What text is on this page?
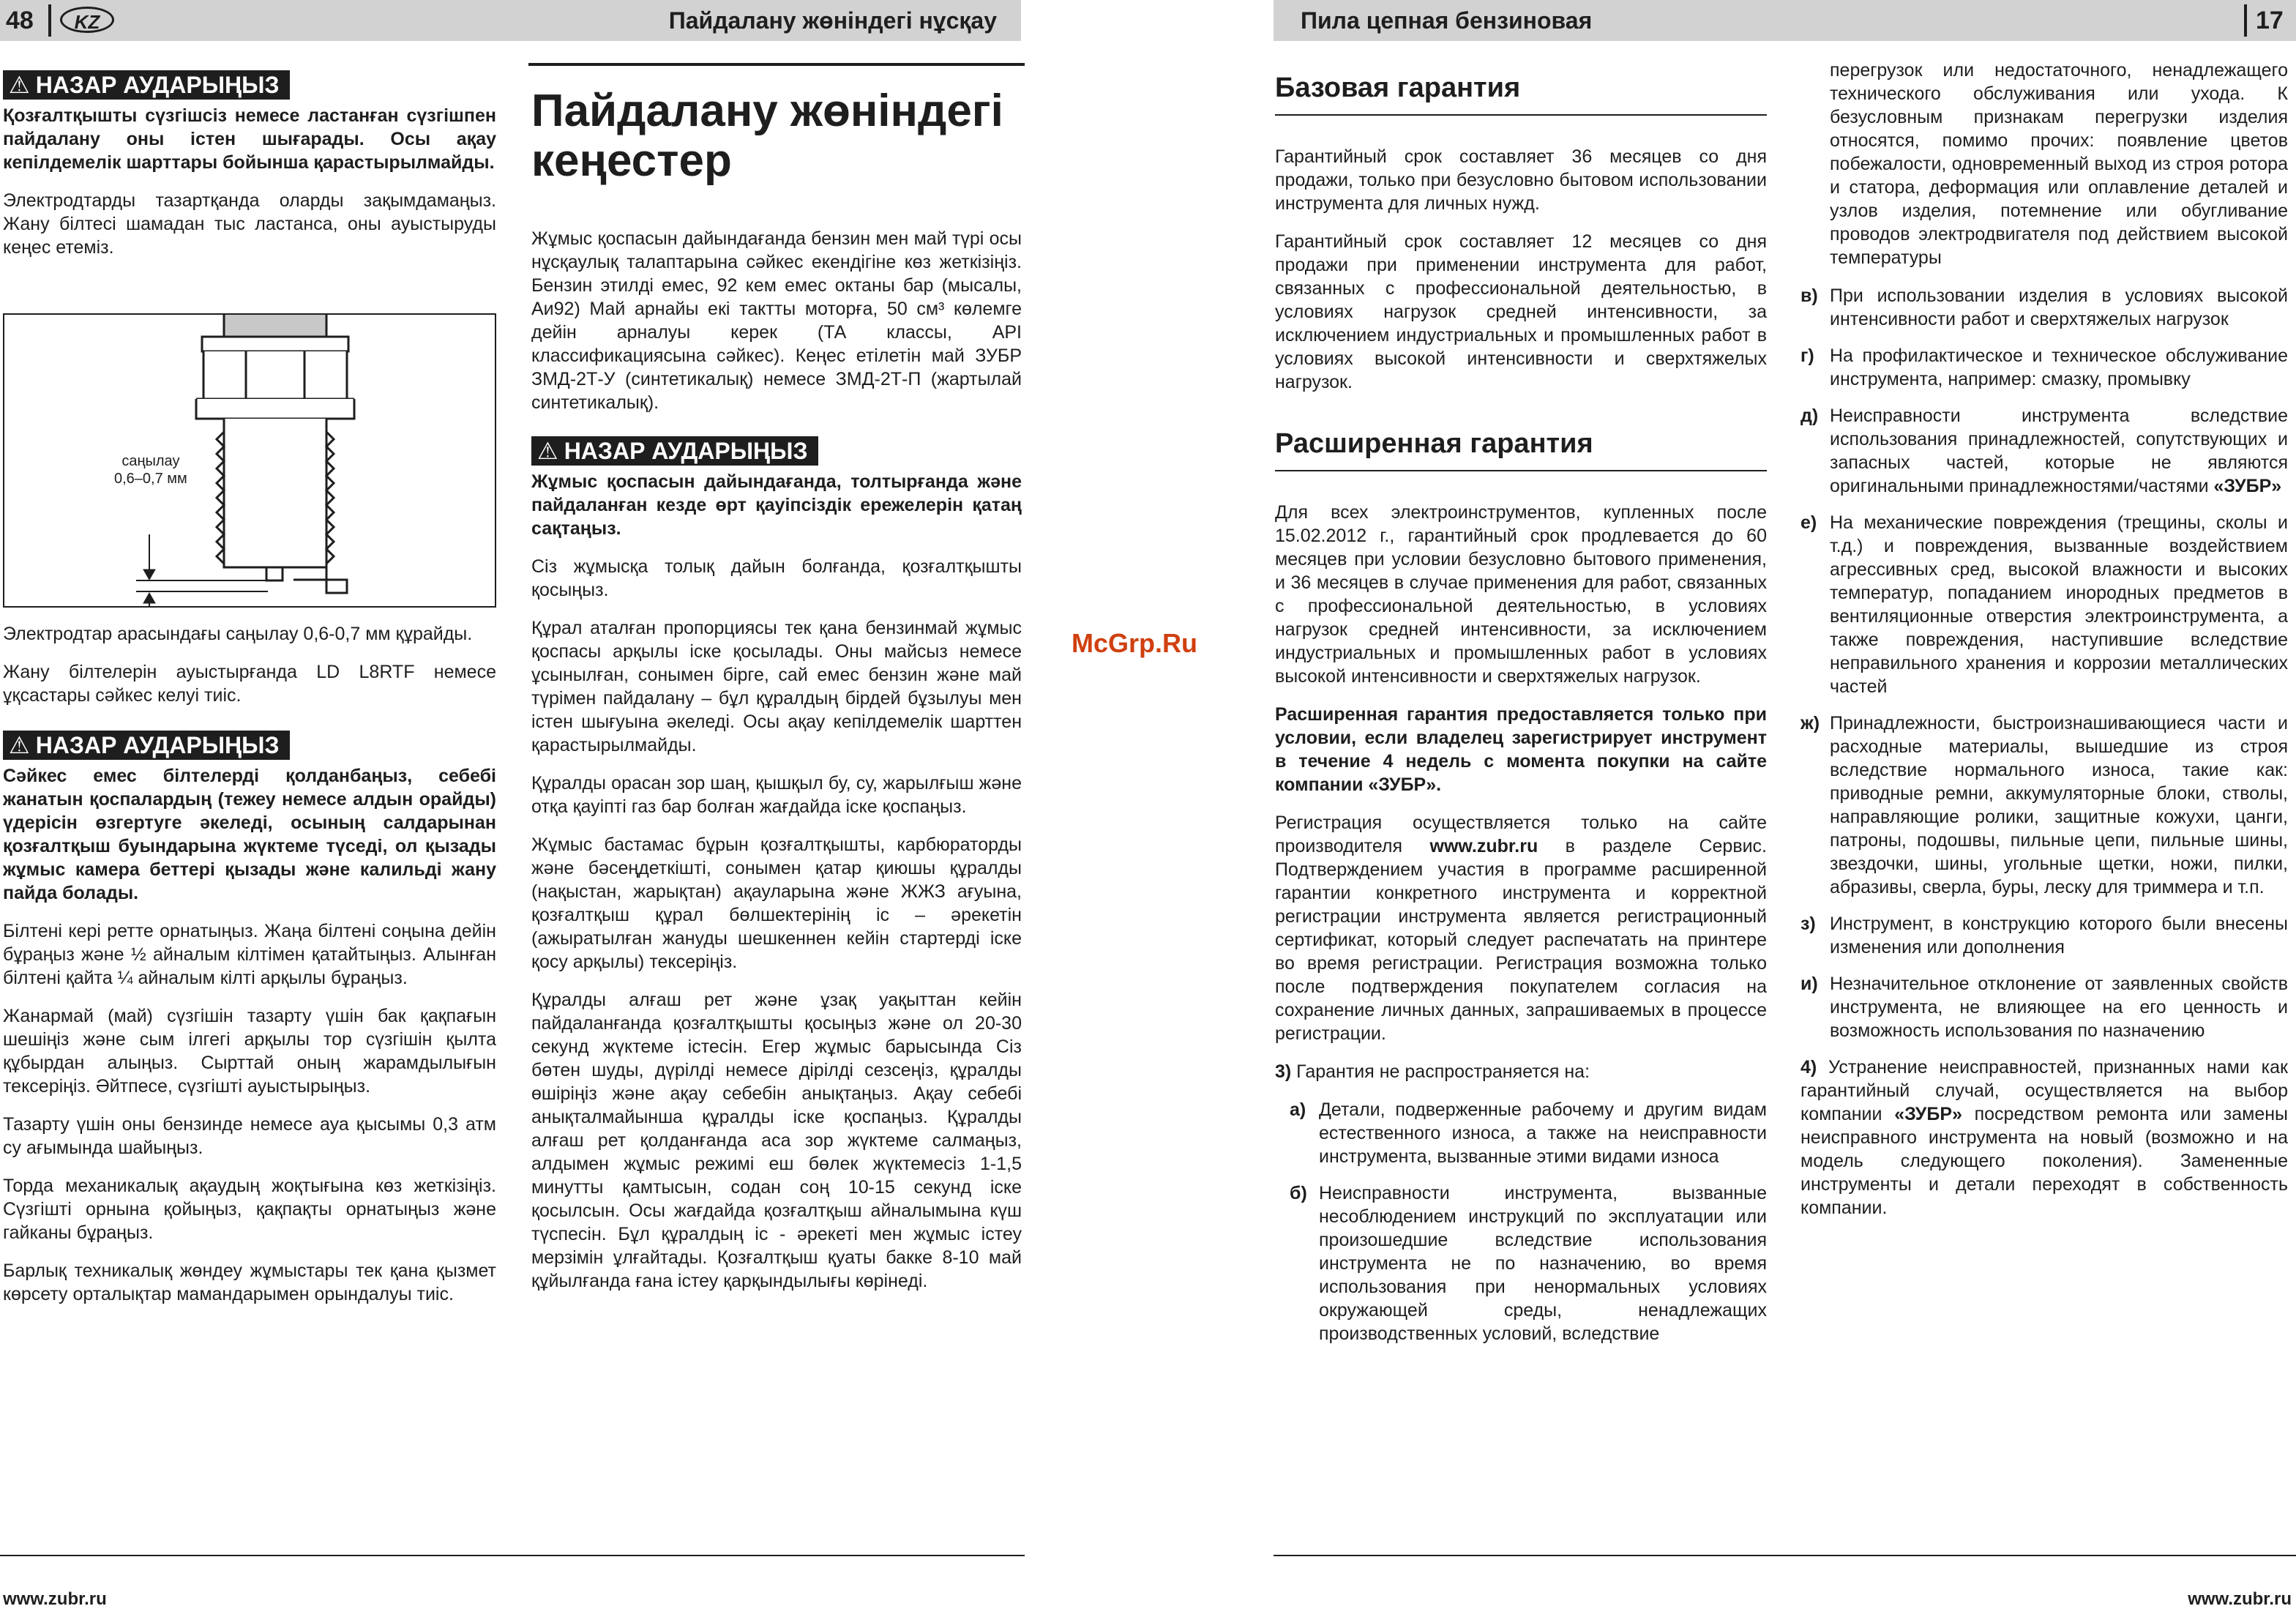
48	KZ	Пайдалану жөніндегі нұсқау
⚠ НАЗАР АУДАРЫҢЫЗ

Қозғалтқышты сүзгішсіз немесе ластанған сүзгішпен пайдалану оны істен шығарады. Осы ақау кепілдемелік шарттары бойынша қарастырылмайды.

Электродтарды тазартқанда оларды зақымдамаңыз. Жану білтесі шамадан тыс ластанса, оны ауыстыруды кеңес етеміз.

саңылау
0,6–0,7 мм

Электродтар арасындағы саңылау 0,6-0,7 мм құрайды.

Жану білтелерін ауыстырғанда LD L8RTF немесе ұқсастары сәйкес келуі тиіс.

⚠ НАЗАР АУДАРЫҢЫЗ

Сәйкес емес білтелерді қолданбаңыз, себебі жанатын қоспалардың (тежеу немесе алдын орайды) үдерісін өзгертуге әкеледі, осының салдарынан қозғалтқыш буындарына жүктеме түседі, ол қызады жұмыс камера беттері қызады және калильді жану пайда болады.

Білтені кері ретте орнатыңыз. Жаңа білтені соңына дейін бұраңыз және ½ айналым кілтімен қатайтыңыз. Алынған білтені қайта ¼ айналым кілті арқылы бұраңыз.

Жанармай (май) сүзгішін тазарту үшін бак қақпағын шешіңіз және сым ілгегі арқылы тор сүзгішін қылта құбырдан алыңыз. Сырттай оның жарамдылығын тексеріңіз. Әйтпесе, сүзгішті ауыстырыңыз.

Тазарту үшін оны бензинде немесе ауа қысымы 0,3 атм су ағымында шайыңыз.

Торда механикалық ақаудың жоқтығына көз жеткізіңіз. Сүзгішті орнына қойыңыз, қақпақты орнатыңыз және гайканы бұраңыз.

Барлық техникалық жөндеу жұмыстары тек қана қызмет көрсету орталықтар мамандарымен орындалуы тиіс.

Пайдалану жөніндегі кеңестер

Жұмыс қоспасын дайындағанда бензин мен май түрі осы нұсқаулық талаптарына сәйкес екендігіне көз жеткізіңіз. Бензин этилді емес, 92 кем емес октаны бар (мысалы, Аи92) Май арнайы екі тактты моторға, 50 см³ көлемге дейін арналуы керек (ТА классы, API классификациясына сәйкес). Кеңес етілетін май ЗУБР ЗМД-2Т-У (синтетикалық) немесе ЗМД-2Т-П (жартылай синтетикалық).

⚠ НАЗАР АУДАРЫҢЫЗ

Жұмыс қоспасын дайындағанда, толтырғанда және пайдаланған кезде өрт қауіпсіздік ережелерін қатаң сақтаңыз.

Сіз жұмысқа толық дайын болғанда, қозғалтқышты қосыңыз.

Құрал аталған пропорциясы тек қана бензинмай жұмыс қоспасы арқылы іске қосылады. Оны майсыз немесе ұсынылған, сонымен бірге, сай емес бензин және май түрімен пайдалану – бұл құралдың бірдей бұзылуы мен істен шығуына әкеледі. Осы ақау кепілдемелік шарттен қарастырылмайды.

Құралды орасан зор шаң, қышқыл бу, су, жарылғыш және отқа қауіпті газ бар болған жағдайда іске қоспаңыз.

Жұмыс бастамас бұрын қозғалтқышты, карбюраторды және бәсеңдеткішті, сонымен қатар қиюшы құралды (нақыстан, жарықтан) ақауларына және ЖЖЗ ағуына, қозғалтқыш құрал бөлшектерінің іс – әрекетін (ажыратылған жануды шешкеннен кейін стартерді іске қосу арқылы) тексеріңіз.

Құралды алғаш рет және ұзақ уақыттан кейін пайдаланғанда қозғалтқышты қосыңыз және ол 20-30 секунд жүктеме істесін. Егер жұмыс барысында Сіз бөтен шуды, дүрілді немесе дірілді сезсеңіз, құралды өшіріңіз және ақау себебін анықтаңыз. Ақау себебі анықталмайынша құралды іске қоспаңыз. Құралды алғаш рет қолданғанда аса зор жүктеме салмаңыз, алдымен жұмыс режимі еш бөлек жүктемесіз 1-1,5 минутты қамтысын, содан соң 10-15 секунд іске қосылсын. Осы жағдайда қозғалтқыш айналымына күш түспесін. Бұл құралдың іс - әрекеті мен жұмыс істеу мерзімін ұлғайтады. Қозғалтқыш қуаты бакке 8-10 май құйылғанда ғана істеу қарқындылығы көрінеді.

www.zubr.ru
McGrp.Ru
Пила цепная бензиновая	17
Базовая гарантия

Гарантийный срок составляет 36 месяцев со дня продажи, только при безусловно бытовом использовании инструмента для личных нужд.

Гарантийный срок составляет 12 месяцев со дня продажи при применении инструмента для работ, связанных с профессиональной деятельностью, в условиях нагрузок средней интенсивности, за исключением индустриальных и промышленных работ в условиях высокой интенсивности и сверхтяжелых нагрузок.

Расширенная гарантия

Для всех электроинструментов, купленных после 15.02.2012 г., гарантийный срок продлевается до 60 месяцев при условии безусловно бытового применения, и 36 месяцев в случае применения для работ, связанных с профессиональной деятельностью, в условиях нагрузок средней интенсивности, за исключением индустриальных и промышленных работ в условиях высокой интенсивности и сверхтяжелых нагрузок.

Расширенная гарантия предоставляется только при условии, если владелец зарегистрирует инструмент в течение 4 недель с момента покупки на сайте компании «ЗУБР».

Регистрация осуществляется только на сайте производителя www.zubr.ru в разделе Сервис. Подтверждением участия в программе расширенной гарантии конкретного инструмента и корректной регистрации инструмента является регистрационный сертификат, который следует распечатать на принтере во время регистрации. Регистрация возможна только после подтверждения покупателем согласия на сохранение личных данных, запрашиваемых в процессе регистрации.

3) Гарантия не распространяется на:

а) Детали, подверженные рабочему и другим видам естественного износа, а также на неисправности инструмента, вызванные этими видами износа
б) Неисправности инструмента, вызванные несоблюдением инструкций по эксплуатации или произошедшие вследствие использования инструмента не по назначению, во время использования при ненормальных условиях окружающей среды, ненадлежащих производственных условий, вследствие
перегрузок или недостаточного, ненадлежащего технического обслуживания или ухода. К безусловным признакам перегрузки изделия относятся, помимо прочих: появление цветов побежалости, одновременный выход из строя ротора и статора, деформация или оплавление деталей и узлов изделия, потемнение или обугливание проводов электродвигателя под действием высокой температуры
в) При использовании изделия в условиях высокой интенсивности работ и сверхтяжелых нагрузок
г) На профилактическое и техническое обслуживание инструмента, например: смазку, промывку
д) Неисправности инструмента вследствие использования принадлежностей, сопутствующих и запасных частей, которые не являются оригинальными принадлежностями/частями «ЗУБР»
е) На механические повреждения (трещины, сколы и т.д.) и повреждения, вызванные воздействием агрессивных сред, высокой влажности и высоких температур, попаданием инородных предметов в вентиляционные отверстия электроинструмента, а также повреждения, наступившие вследствие неправильного хранения и коррозии металлических частей
ж) Принадлежности, быстроизнашивающиеся части и расходные материалы, вышедшие из строя вследствие нормального износа, такие как: приводные ремни, аккумуляторные блоки, стволы, направляющие ролики, защитные кожухи, цанги, патроны, подошвы, пильные цепи, пильные шины, звездочки, шины, угольные щетки, ножи, пилки, абразивы, сверла, буры, леску для триммера и т.п.
з) Инструмент, в конструкцию которого были внесены изменения или дополнения
и) Незначительное отклонение от заявленных свойств инструмента, не влияющее на его ценность и возможность использования по назначению

4) Устранение неисправностей, признанных нами как гарантийный случай, осуществляется на выбор компании «ЗУБР» посредством ремонта или замены неисправного инструмента на новый (возможно и на модель следующего поколения). Замененные инструменты и детали переходят в собственность компании.

www.zubr.ru
